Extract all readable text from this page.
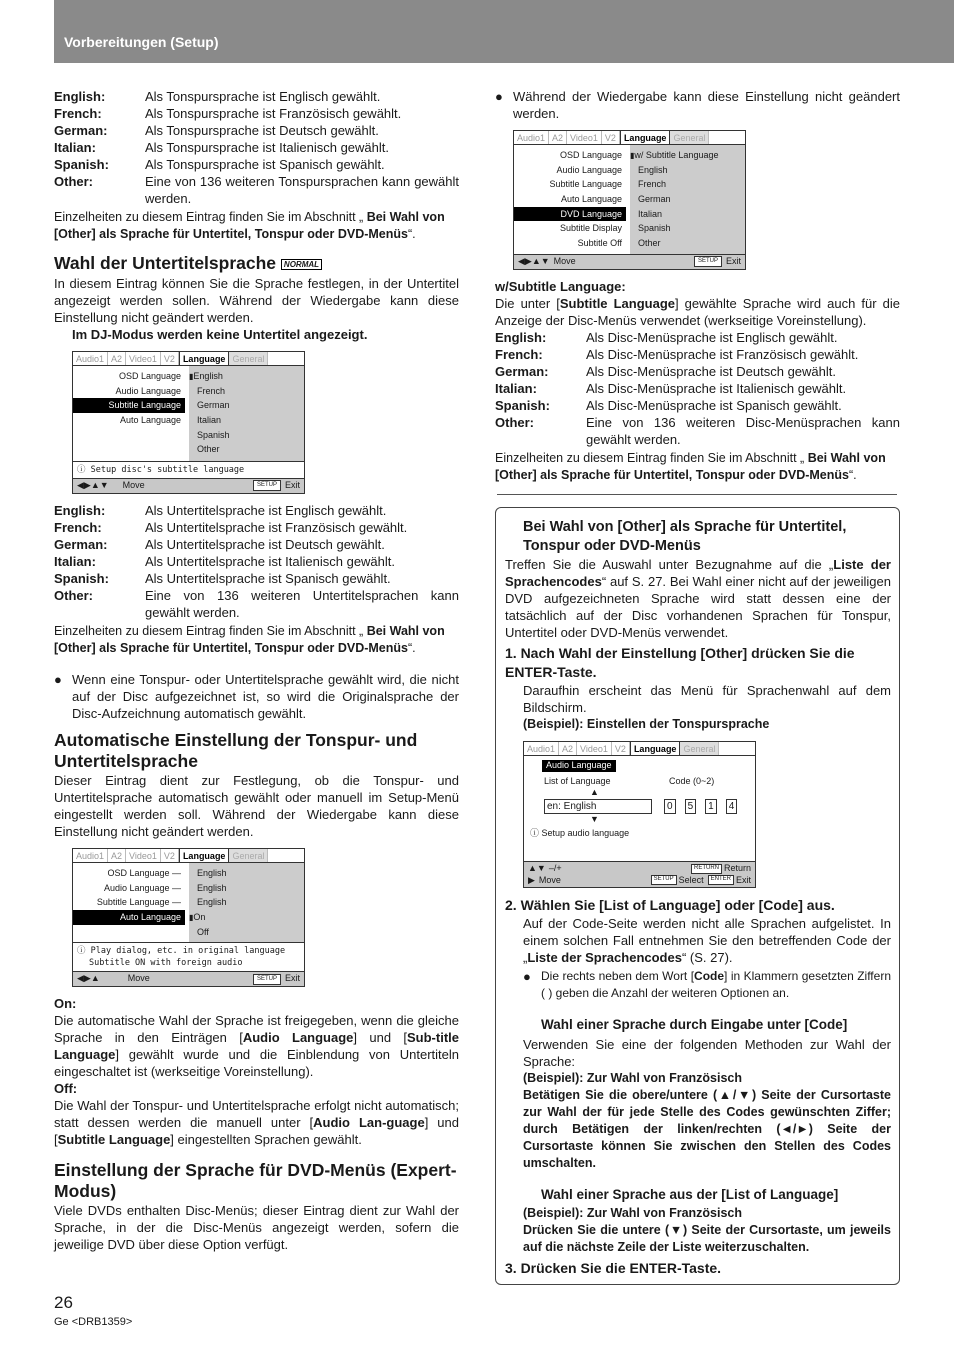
Vorbereitungen (Setup)
English:	Als Tonspursprache ist Englisch gewählt.
French:	Als Tonspursprache ist Französisch gewählt.
German:	Als Tonspursprache ist Deutsch gewählt.
Italian:	Als Tonspursprache ist Italienisch gewählt.
Spanish:	Als Tonspursprache ist Spanisch gewählt.
Other:	Eine von 136 weiteren Tonspursprachen kann gewählt werden.

Einzelheiten zu diesem Eintrag finden Sie im Abschnitt „ Bei Wahl von [Other] als Sprache für Untertitel, Tonspur oder DVD-Menüs“.

Wahl der Untertitelsprache NORMAL

In diesem Eintrag können Sie die Sprache festlegen, in der Untertitel angezeigt werden sollen. Während der Wiedergabe kann diese Einstellung nicht geändert werden.

Im DJ-Modus werden keine Untertitel angezeigt.

Audio1 A2 Video1 V2 Language General
OSD Language
Audio Language
Subtitle Language
Auto Language
▮English
French
German
Italian
Spanish
Other
ⓘ Setup disc's subtitle language
◀▶▲▼ Move	SETUP Exit
English:	Als Untertitelsprache ist Englisch gewählt.
French:	Als Untertitelsprache ist Französisch gewählt.
German:	Als Untertitelsprache ist Deutsch gewählt.
Italian:	Als Untertitelsprache ist Italienisch gewählt.
Spanish:	Als Untertitelsprache ist Spanisch gewählt.
Other:	Eine von 136 weiteren Untertitelsprachen kann gewählt werden.

Einzelheiten zu diesem Eintrag finden Sie im Abschnitt „ Bei Wahl von [Other] als Sprache für Untertitel, Tonspur oder DVD-Menüs“.

● Wenn eine Tonspur- oder Untertitelsprache gewählt wird, die nicht auf der Disc aufgezeichnet ist, so wird die Originalsprache der Disc-Aufzeichnung automatisch gewählt.
Automatische Einstellung der Tonspur- und Untertitelsprache

Dieser Eintrag dient zur Festlegung, ob die Tonspur- und Untertitelsprache automatisch gewählt oder manuell im Setup-Menü eingestellt werden soll. Während der Wiedergabe kann diese Einstellung nicht geändert werden.

Audio1 A2 Video1 V2 Language General
OSD Language —
Audio Language —
Subtitle Language —
Auto Language
English
English
English
▮On
Off
ⓘ Play dialog, etc. in original language
Subtitle ON with foreign audio
◀▶▲	Move	SETUP Exit

On:
Die automatische Wahl der Sprache ist freigegeben, wenn die gleiche Sprache in den Einträgen [Audio Language] und [Sub-title Language] gewählt wurde und die Einblendung von Untertiteln eingeschaltet ist (werkseitige Voreinstellung).

Off:
Die Wahl der Tonspur- und Untertitelsprache erfolgt nicht automatisch; statt dessen werden die manuell unter [Audio Lan-guage] und [Subtitle Language] eingestellten Sprachen gewählt.

Einstellung der Sprache für DVD-Menüs (Expert-Modus)

Viele DVDs enthalten Disc-Menüs; dieser Eintrag dient zur Wahl der Sprache, in der die Disc-Menüs angezeigt werden, sofern die jeweilige DVD über diese Option verfügt.

● Während der Wiedergabe kann diese Einstellung nicht geändert werden.
Audio1 A2 Video1 V2 Language General
OSD Language
Audio Language
Subtitle Language
Auto Language
DVD Language
Subtitle Display
Subtitle Off
▮w/ Subtitle Language
English
French
German
Italian
Spanish
Other
◀▶▲▼ Move	SETUP Exit

w/Subtitle Language:
Die unter [Subtitle Language] gewählte Sprache wird auch für die Anzeige der Disc-Menüs verwendet (werkseitige Voreinstellung).

English:	Als Disc-Menüsprache ist Englisch gewählt.
French:	Als Disc-Menüsprache ist Französisch gewählt.
German:	Als Disc-Menüsprache ist Deutsch gewählt.
Italian:	Als Disc-Menüsprache ist Italienisch gewählt.
Spanish:	Als Disc-Menüsprache ist Spanisch gewählt.
Other:	Eine von 136 weiteren Disc-Menüsprachen kann gewählt werden.

Einzelheiten zu diesem Eintrag finden Sie im Abschnitt „ Bei Wahl von [Other] als Sprache für Untertitel, Tonspur oder DVD-Menüs“.

Bei Wahl von [Other] als Sprache für Untertitel, Tonspur oder DVD-Menüs

Treffen Sie die Auswahl unter Bezugnahme auf die „Liste der Sprachencodes“ auf S. 27. Bei Wahl einer nicht auf der jeweiligen DVD aufgezeichneten Sprache wird statt dessen eine der tatsächlich auf der Disc vorhandenen Sprachen für Tonspur, Untertitel oder DVD-Menüs verwendet.

1. Nach Wahl der Einstellung [Other] drücken Sie die ENTER-Taste.

Daraufhin erscheint das Menü für Sprachenwahl auf dem Bildschirm.

(Beispiel): Einstellen der Tonspursprache

Audio1 A2 Video1 V2 Language General
Audio Language
List of Language	Code (0~2)
▲
en: English	0	5	1	4
▼
ⓘ Setup audio language
▲▼ –/+	RETURN Return
▶ Move	SETUP Select	ENTER Exit
2. Wählen Sie [List of Language] oder [Code] aus.

Auf der Code-Seite werden nicht alle Sprachen aufgelistet. In einem solchen Fall entnehmen Sie den betreffenden Code der „Liste der Sprachencodes“ (S. 27).

● Die rechts neben dem Wort [Code] in Klammern gesetzten Ziffern ( ) geben die Anzahl der weiteren Optionen an.
Wahl einer Sprache durch Eingabe unter [Code]

Verwenden Sie eine der folgenden Methoden zur Wahl der Sprache:

(Beispiel): Zur Wahl von Französisch

Betätigen Sie die obere/untere (▲/▼) Seite der Cursortaste zur Wahl der für jede Stelle des Codes gewünschten Ziffer; durch Betätigen der linken/rechten (◄/►) Seite der Cursortaste können Sie zwischen den Stellen des Codes umschalten.

Wahl einer Sprache aus der [List of Language]

(Beispiel): Zur Wahl von Französisch

Drücken Sie die untere (▼) Seite der Cursortaste, um jeweils auf die nächste Zeile der Liste weiterzuschalten.

3. Drücken Sie die ENTER-Taste.
26
Ge <DRB1359>
